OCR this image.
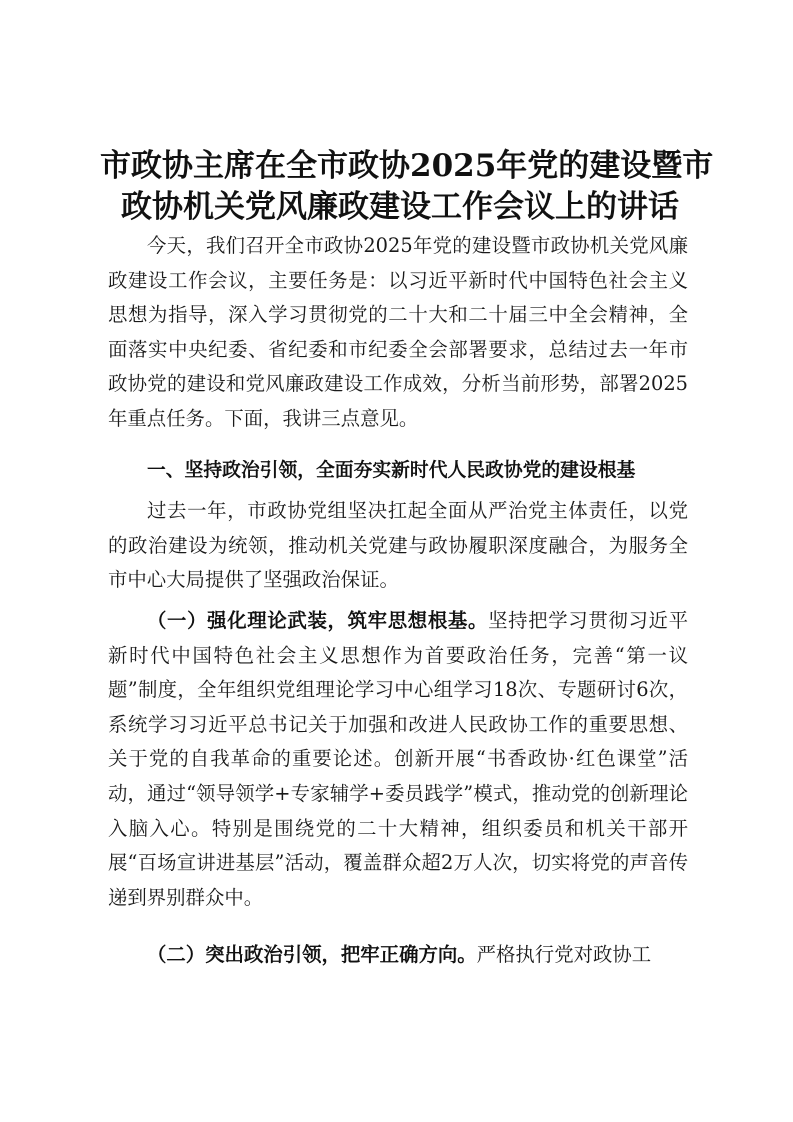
市政协主席在全市政协2025年党的建设暨市
政协机关党风廉政建设工作会议上的讲话

今天，我们召开全市政协2025年党的建设暨市政协机关党风廉政建设工作会议，主要任务是：以习近平新时代中国特色社会主义思想为指导，深入学习贯彻党的二十大和二十届三中全会精神，全面落实中央纪委、省纪委和市纪委全会部署要求，总结过去一年市政协党的建设和党风廉政建设工作成效，分析当前形势，部署2025年重点任务。下面，我讲三点意见。

一、坚持政治引领，全面夯实新时代人民政协党的建设根基

过去一年，市政协党组坚决扛起全面从严治党主体责任，以党的政治建设为统领，推动机关党建与政协履职深度融合，为服务全市中心大局提供了坚强政治保证。

（一）强化理论武装，筑牢思想根基。坚持把学习贯彻习近平新时代中国特色社会主义思想作为首要政治任务，完善“第一议题”制度，全年组织党组理论学习中心组学习18次、专题研讨6次，系统学习习近平总书记关于加强和改进人民政协工作的重要思想、关于党的自我革命的重要论述。创新开展“书香政协·红色课堂”活动，通过“领导领学+专家辅学+委员践学”模式，推动党的创新理论入脑入心。特别是围绕党的二十大精神，组织委员和机关干部开展“百场宣讲进基层”活动，覆盖群众超2万人次，切实将党的声音传递到界别群众中。

（二）突出政治引领，把牢正确方向。严格执行党对政协工
